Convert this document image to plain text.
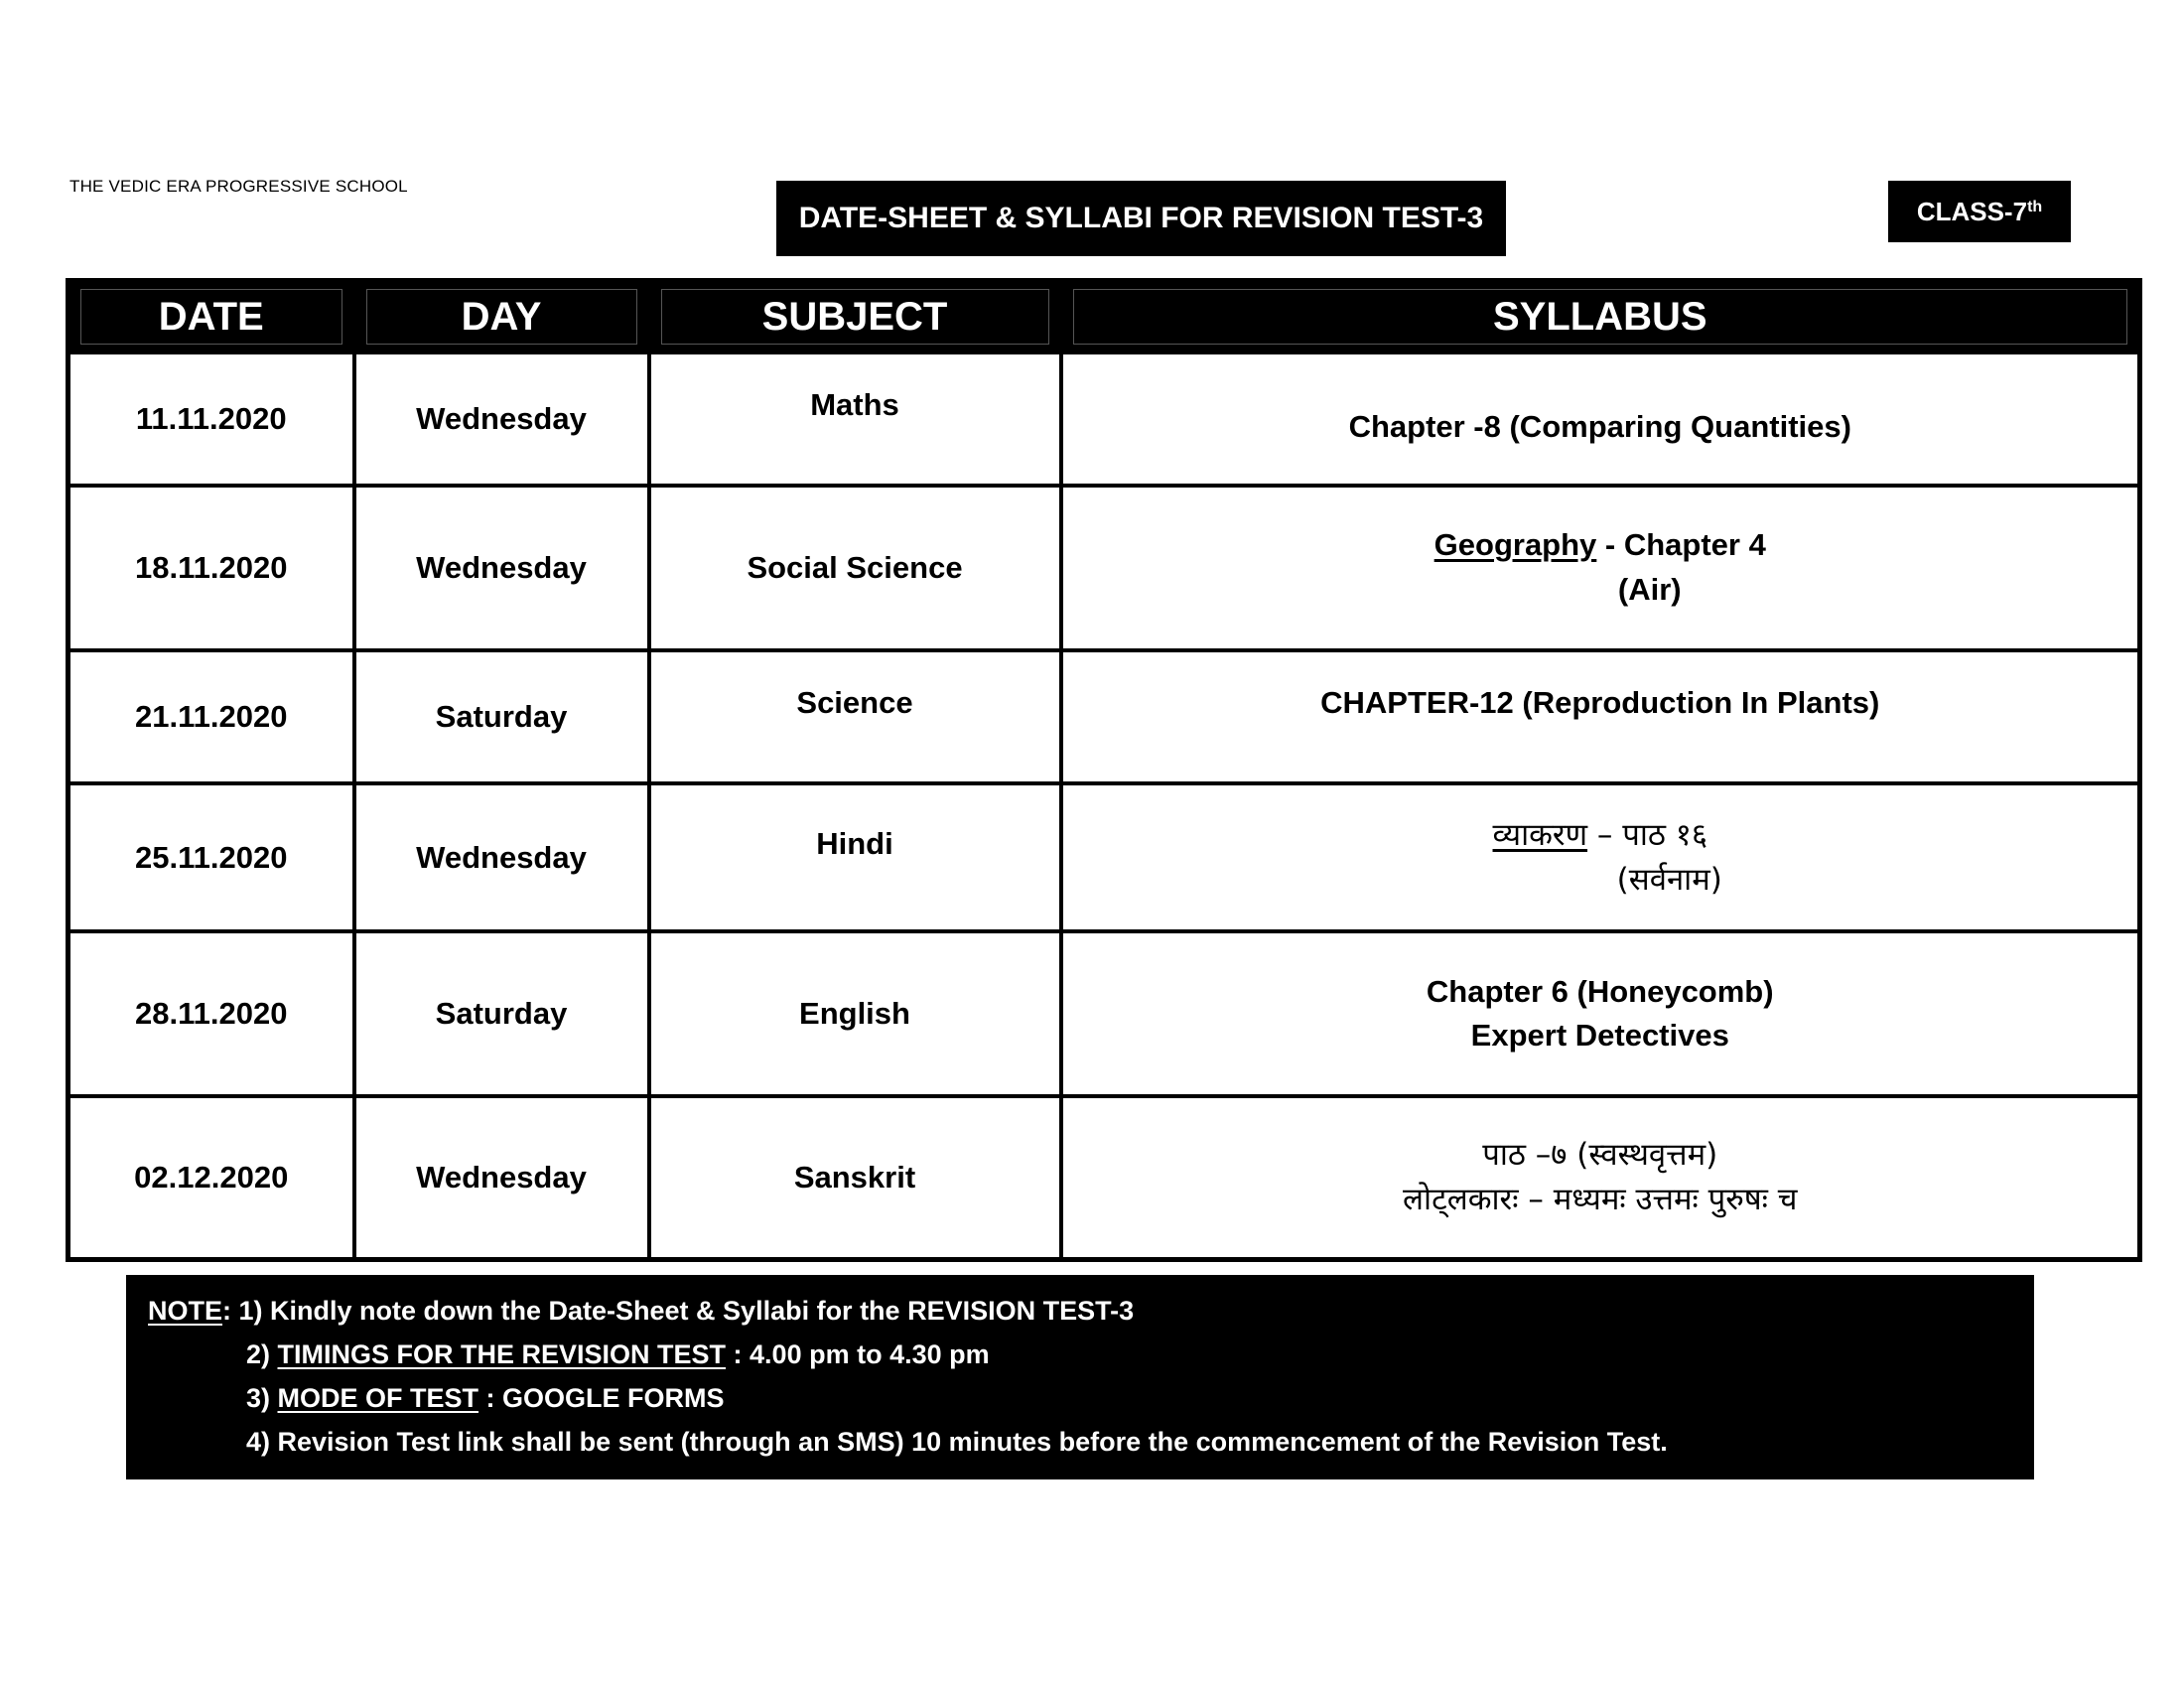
THE VEDIC ERA PROGRESSIVE SCHOOL
DATE-SHEET & SYLLABI FOR REVISION TEST-3	CLASS-7th
DATE	DAY	SUBJECT	SYLLABUS
11.11.2020	Wednesday	Maths	Chapter -8 (Comparing Quantities)

18.11.2020	Wednesday	Social Science	Geography - Chapter 4
(Air)

21.11.2020	Saturday	Science	CHAPTER-12 (Reproduction In Plants)

25.11.2020	Wednesday	Hindi	व्याकरण – पाठ १६
(सर्वनाम)

28.11.2020	Saturday	English	Chapter 6 (Honeycomb)
Expert Detectives

02.12.2020	Wednesday	Sanskrit	पाठ –७ (स्वस्थवृत्तम)
लोट्लकारः – मध्यमः उत्तमः पुरुषः च
NOTE: 1) Kindly note down the Date-Sheet & Syllabi for the REVISION TEST-3
2) TIMINGS FOR THE REVISION TEST : 4.00 pm to 4.30 pm
3) MODE OF TEST : GOOGLE FORMS
4) Revision Test link shall be sent (through an SMS) 10 minutes before the commencement of the Revision Test.
